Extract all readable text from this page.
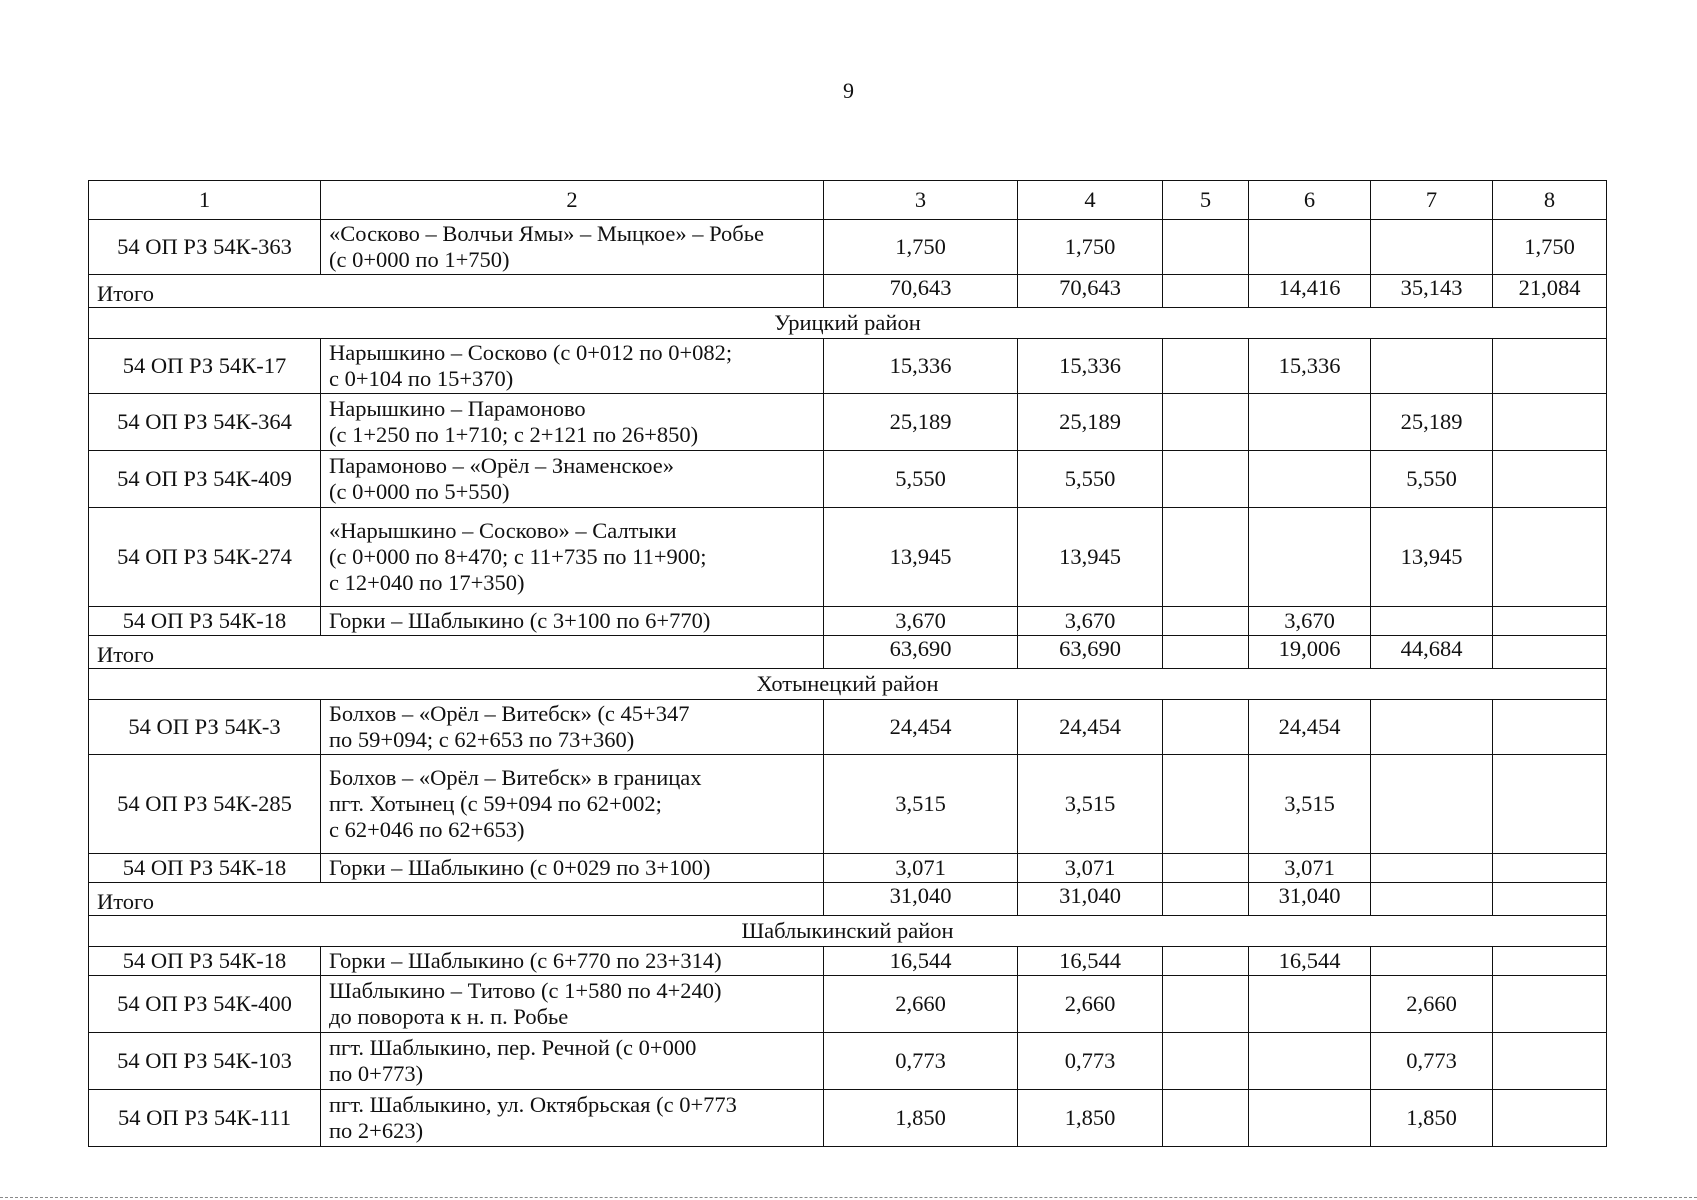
9
1	2	3	4	5	6	7	8
54 ОП РЗ 54К-363	«Сосково – Волчьи Ямы» – Мыцкое» – Робье
(с 0+000 по 1+750)	1,750	1,750				1,750
Итого		70,643	70,643		14,416	35,143	21,084
Урицкий район							
54 ОП РЗ 54К-17	Нарышкино – Сосково (с 0+012 по 0+082;
с 0+104 по 15+370)	15,336	15,336		15,336		
54 ОП РЗ 54К-364	Нарышкино – Парамоново
(с 1+250 по 1+710; с 2+121 по 26+850)	25,189	25,189			25,189	
54 ОП РЗ 54К-409	Парамоново – «Орёл – Знаменское»
(с 0+000 по 5+550)	5,550	5,550			5,550	
54 ОП РЗ 54К-274	«Нарышкино – Сосково» – Салтыки
(с 0+000 по 8+470; с 11+735 по 11+900;
с 12+040 по 17+350)	13,945	13,945			13,945	
54 ОП РЗ 54К-18	Горки – Шаблыкино (с 3+100 по 6+770)	3,670	3,670		3,670		
Итого		63,690	63,690		19,006	44,684	
Хотынецкий район							
54 ОП РЗ 54К-3	Болхов – «Орёл – Витебск» (с 45+347
по 59+094; с 62+653 по 73+360)	24,454	24,454		24,454		
54 ОП РЗ 54К-285	Болхов – «Орёл – Витебск» в границах
пгт. Хотынец (с 59+094 по 62+002;
с 62+046 по 62+653)	3,515	3,515		3,515		
54 ОП РЗ 54К-18	Горки – Шаблыкино (с 0+029 по 3+100)	3,071	3,071		3,071		
Итого		31,040	31,040		31,040		
Шаблыкинский район							
54 ОП РЗ 54К-18	Горки – Шаблыкино (с 6+770 по 23+314)	16,544	16,544		16,544		
54 ОП РЗ 54К-400	Шаблыкино – Титово (с 1+580 по 4+240)
до поворота к н. п. Робье	2,660	2,660			2,660	
54 ОП РЗ 54К-103	пгт. Шаблыкино, пер. Речной (с 0+000
по 0+773)	0,773	0,773			0,773	
54 ОП РЗ 54К-111	пгт. Шаблыкино, ул. Октябрьская (с 0+773
по 2+623)	1,850	1,850			1,850	
